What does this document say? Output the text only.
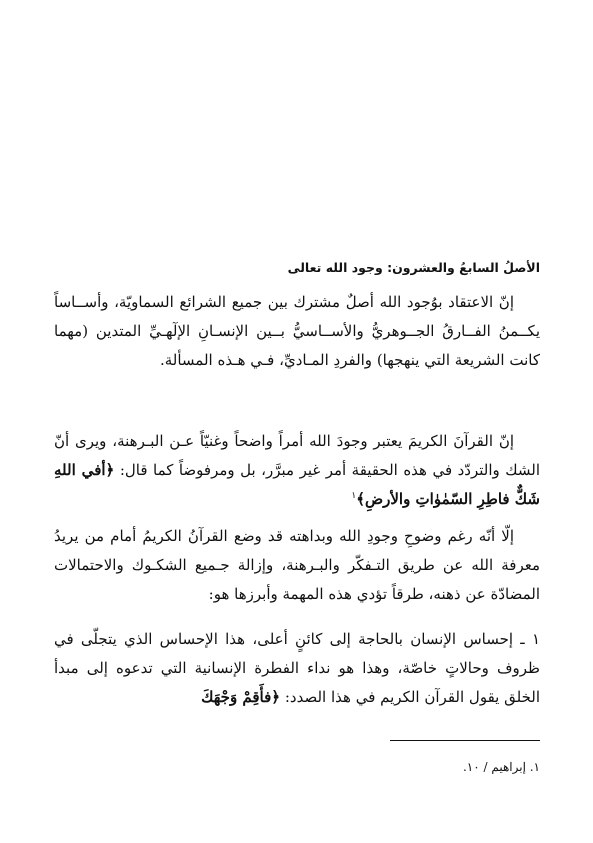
الأصلُ السابعُ والعشرون: وجود الله تعالى

إنّ الاعتقاد بوُجود الله أصلٌ مشترك بين جميع الشرائع السماويّة، وأســاساً يكــمنُ الفــارقُ الجــوهريُّ والأســاسيُّ بــين الإنسـانِ الإلٓهـيِّ المتدين (مهما كانت الشريعة التي ينهجها) والفردِ المـاديِّ، فـي هـذه المسألة.

إنّ القرآنَ الكريمَ يعتبر وجودَ الله أمراً واضحاً وغنيّاً عـن البـرهنة، ويرى أنّ الشك والتردّد في هذه الحقيقة أمر غير مبرَّر، بل ومرفوضاً كما قال: ﴿أفي اللهِ شَكٌّ فاطِرِ السّمٰوٰاتِ والأرضِ﴾$^١$

إلّا أنّه رغم وضوحِ وجودِ الله وبداهته قد وضع القرآنُ الكريمُ أمام من يريدُ معرفة الله عن طريق التـفكّر والبـرهنة، وإزالة جـميع الشكـوك والاحتمالات المضادّة عن ذهنه، طرقاً تؤدي هذه المهمة وأبرزها هو:

١ ـ إحساس الإنسان بالحاجة إلى كائنٍ أعلى، هذا الإحساس الذي يتجلّى في ظروف وحالاتٍ خاصّة، وهذا هو نداء الفطرة الإنسانية التي تدعوه إلى مبدأ الخلق يقول القرآن الكريم في هذا الصدد: ﴿فأَقِمْ وَجْهَكَ

١. إبراهيم / ١٠.
